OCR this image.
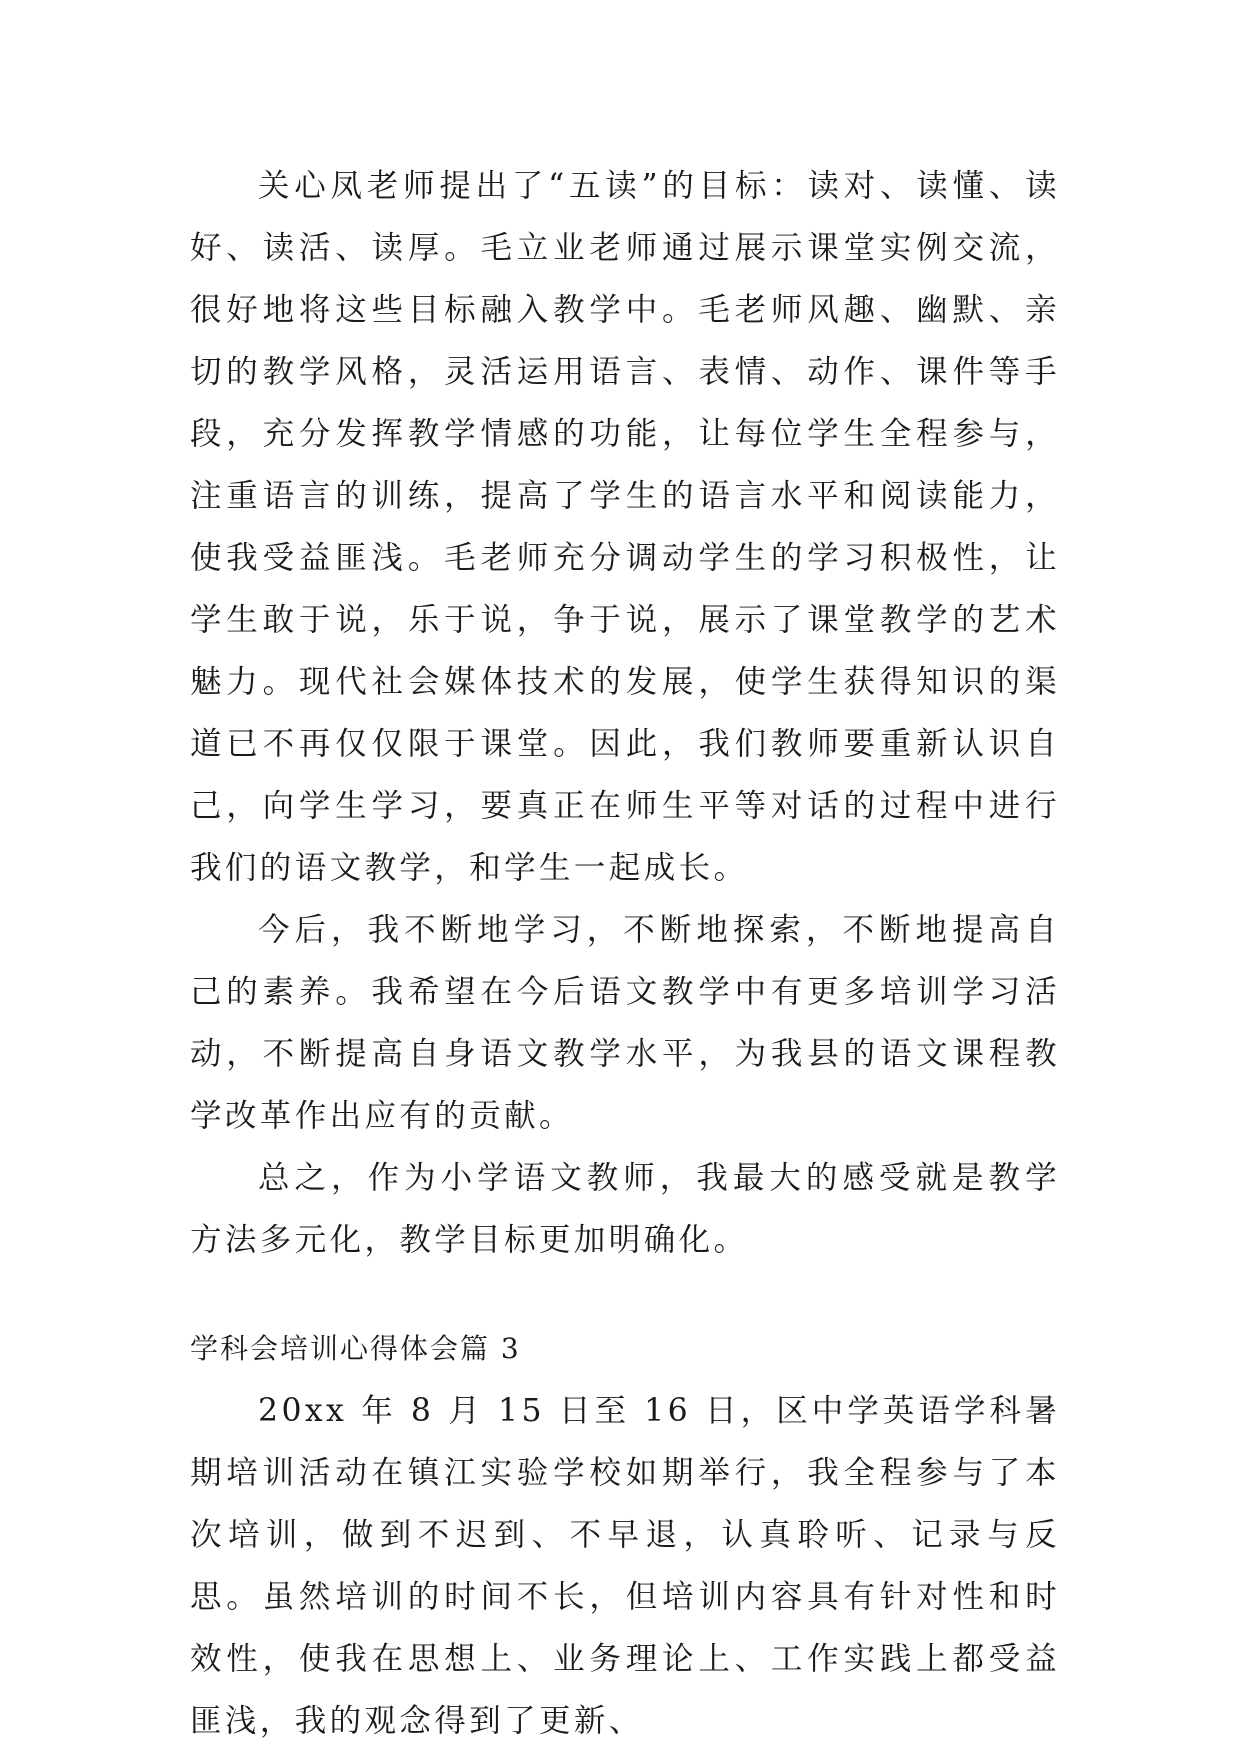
关心凤老师提出了“五读”的目标：读对、读懂、读好、读活、读厚。毛立业老师通过展示课堂实例交流，很好地将这些目标融入教学中。毛老师风趣、幽默、亲切的教学风格，灵活运用语言、表情、动作、课件等手段，充分发挥教学情感的功能，让每位学生全程参与，注重语言的训练，提高了学生的语言水平和阅读能力，使我受益匪浅。毛老师充分调动学生的学习积极性，让学生敢于说，乐于说，争于说，展示了课堂教学的艺术魅力。现代社会媒体技术的发展，使学生获得知识的渠道已不再仅仅限于课堂。因此，我们教师要重新认识自己，向学生学习，要真正在师生平等对话的过程中进行我们的语文教学，和学生一起成长。

今后，我不断地学习，不断地探索，不断地提高自己的素养。我希望在今后语文教学中有更多培训学习活动，不断提高自身语文教学水平，为我县的语文课程教学改革作出应有的贡献。

总之，作为小学语文教师，我最大的感受就是教学方法多元化，教学目标更加明确化。

学科会培训心得体会篇 3

20xx 年 8 月 15 日至 16 日，区中学英语学科暑期培训活动在镇江实验学校如期举行，我全程参与了本次培训，做到不迟到、不早退，认真聆听、记录与反思。虽然培训的时间不长，但培训内容具有针对性和时效性，使我在思想上、业务理论上、工作实践上都受益匪浅，我的观念得到了更新、
